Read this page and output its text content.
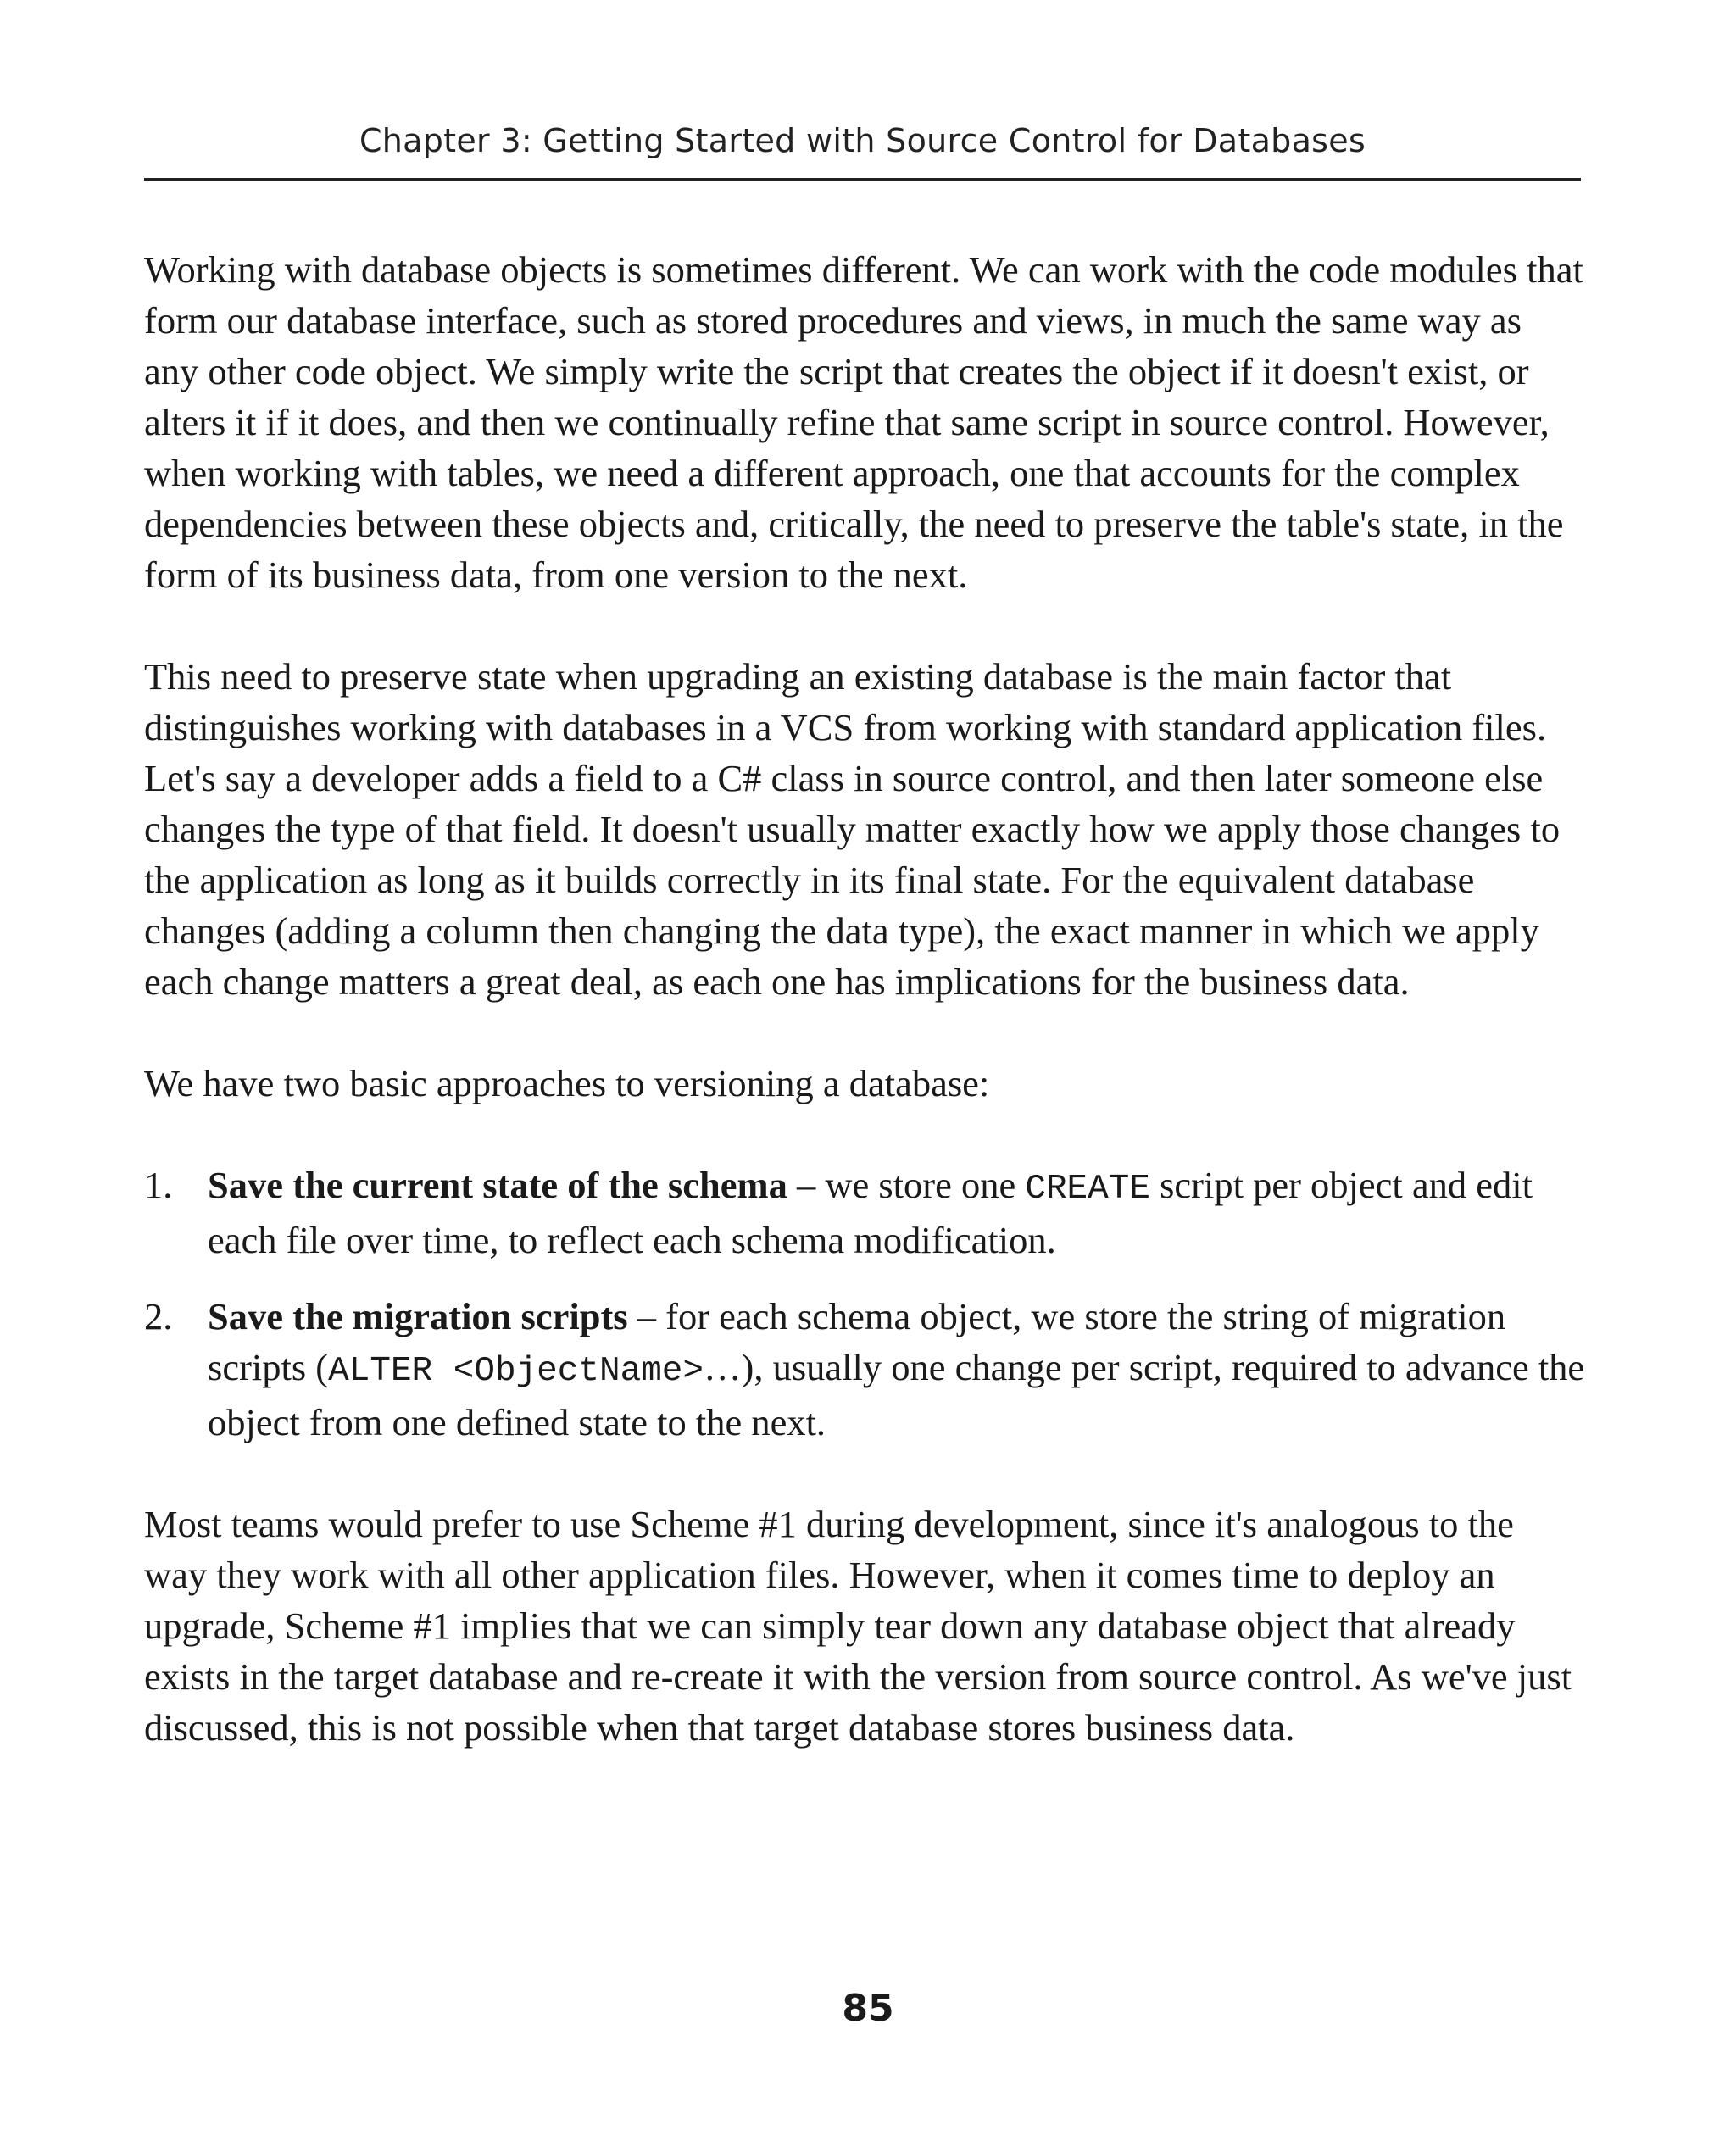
Chapter 3: Getting Started with Source Control for Databases

Working with database objects is sometimes different. We can work with the code modules that form our database interface, such as stored procedures and views, in much the same way as any other code object. We simply write the script that creates the object if it doesn't exist, or alters it if it does, and then we continually refine that same script in source control. However, when working with tables, we need a different approach, one that accounts for the complex dependencies between these objects and, critically, the need to preserve the table's state, in the form of its business data, from one version to the next.

This need to preserve state when upgrading an existing database is the main factor that distinguishes working with databases in a VCS from working with standard application files. Let's say a developer adds a field to a C# class in source control, and then later someone else changes the type of that field. It doesn't usually matter exactly how we apply those changes to the application as long as it builds correctly in its final state. For the equivalent database changes (adding a column then changing the data type), the exact manner in which we apply each change matters a great deal, as each one has implications for the business data.

We have two basic approaches to versioning a database:

1. Save the current state of the schema – we store one CREATE script per object and edit each file over time, to reflect each schema modification.
2. Save the migration scripts – for each schema object, we store the string of migration scripts (ALTER <ObjectName>…), usually one change per script, required to advance the object from one defined state to the next.

Most teams would prefer to use Scheme #1 during development, since it's analogous to the way they work with all other application files. However, when it comes time to deploy an upgrade, Scheme #1 implies that we can simply tear down any database object that already exists in the target database and re-create it with the version from source control. As we've just discussed, this is not possible when that target database stores business data.

85
